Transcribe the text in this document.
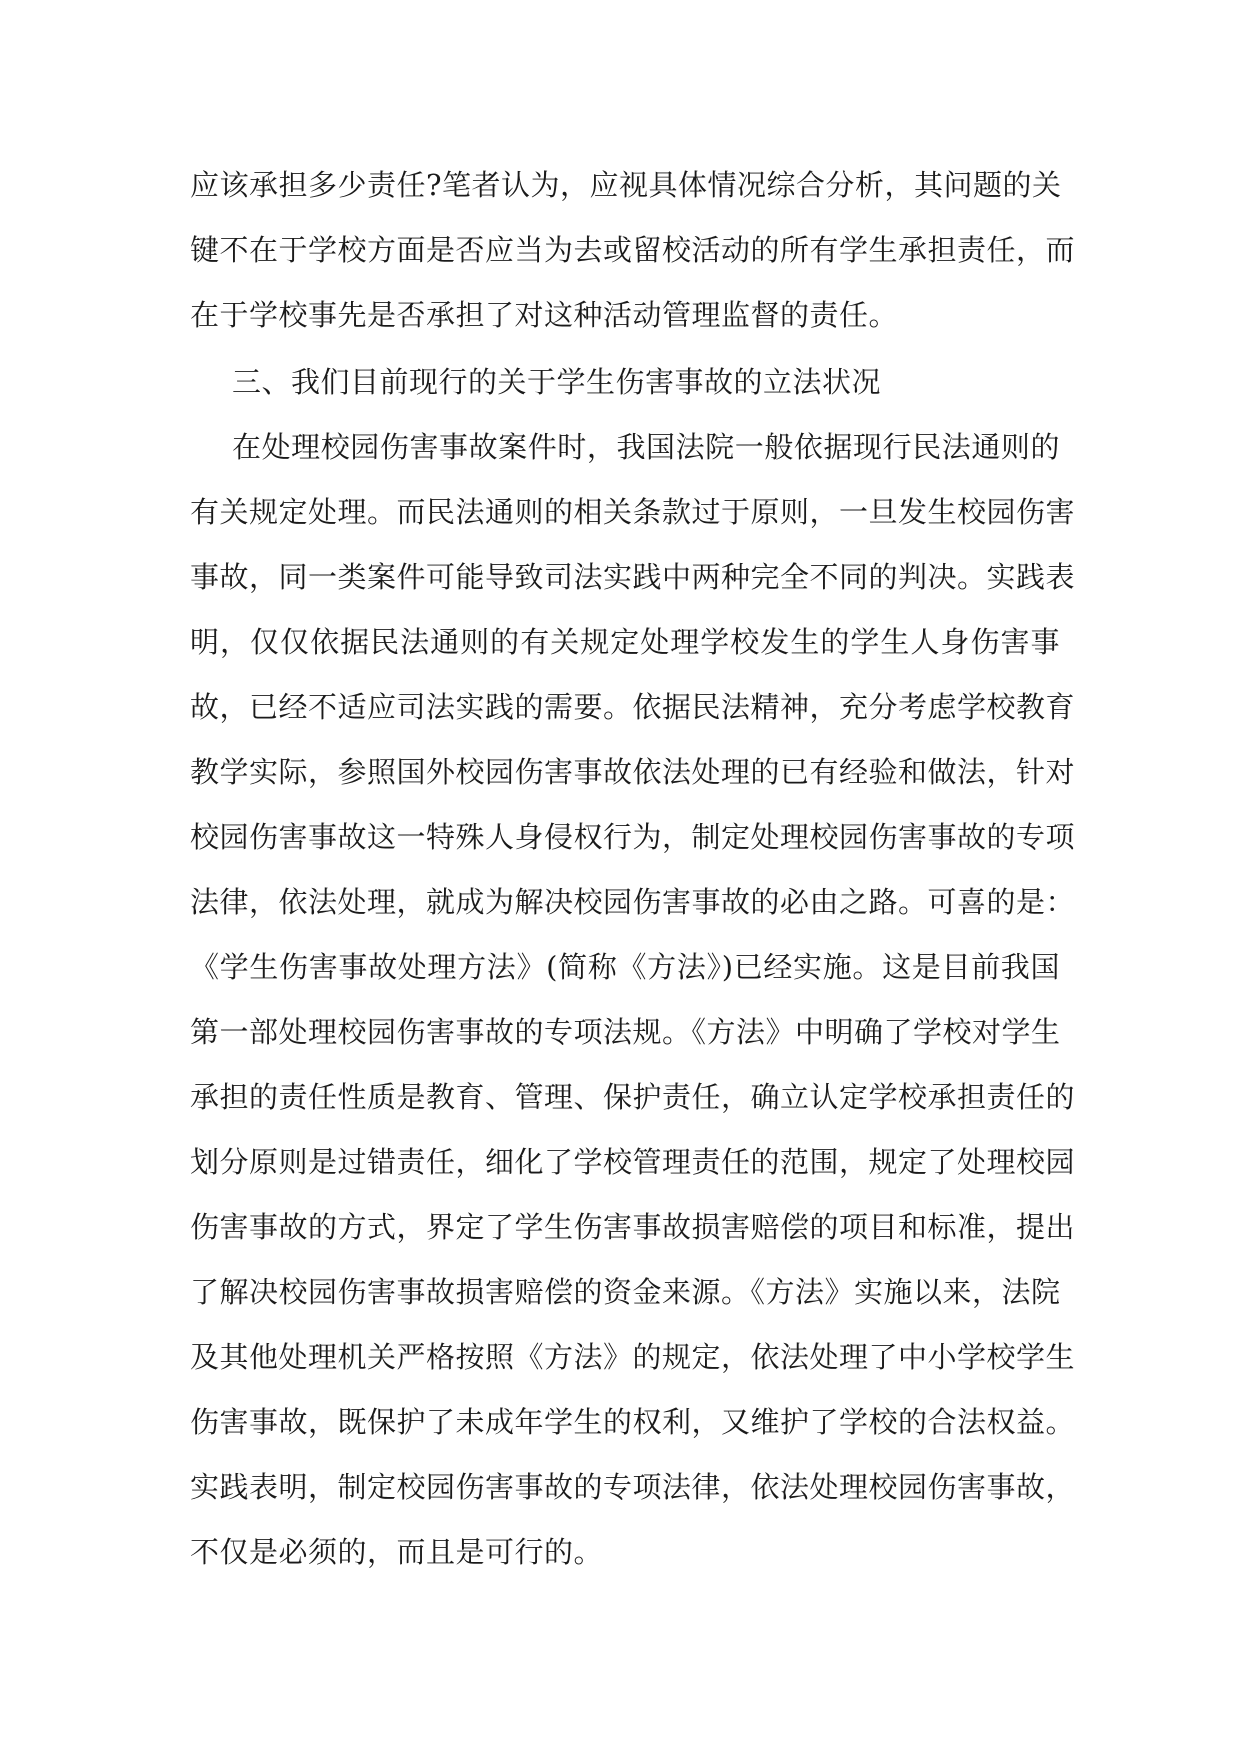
应该承担多少责任?笔者认为，应视具体情况综合分析，其问题的关
键不在于学校方面是否应当为去或留校活动的所有学生承担责任，而
在于学校事先是否承担了对这种活动管理监督的责任。
三、我们目前现行的关于学生伤害事故的立法状况
在处理校园伤害事故案件时，我国法院一般依据现行民法通则的
有关规定处理。而民法通则的相关条款过于原则，一旦发生校园伤害
事故，同一类案件可能导致司法实践中两种完全不同的判决。实践表
明，仅仅依据民法通则的有关规定处理学校发生的学生人身伤害事
故，已经不适应司法实践的需要。依据民法精神，充分考虑学校教育
教学实际，参照国外校园伤害事故依法处理的已有经验和做法，针对
校园伤害事故这一特殊人身侵权行为，制定处理校园伤害事故的专项
法律，依法处理，就成为解决校园伤害事故的必由之路。可喜的是：
《学生伤害事故处理方法》(简称《方法》)已经实施。这是目前我国
第一部处理校园伤害事故的专项法规。《方法》中明确了学校对学生
承担的责任性质是教育、管理、保护责任，确立认定学校承担责任的
划分原则是过错责任，细化了学校管理责任的范围，规定了处理校园
伤害事故的方式，界定了学生伤害事故损害赔偿的项目和标准，提出
了解决校园伤害事故损害赔偿的资金来源。《方法》实施以来，法院
及其他处理机关严格按照《方法》的规定，依法处理了中小学校学生
伤害事故，既保护了未成年学生的权利，又维护了学校的合法权益。
实践表明，制定校园伤害事故的专项法律，依法处理校园伤害事故，
不仅是必须的，而且是可行的。
